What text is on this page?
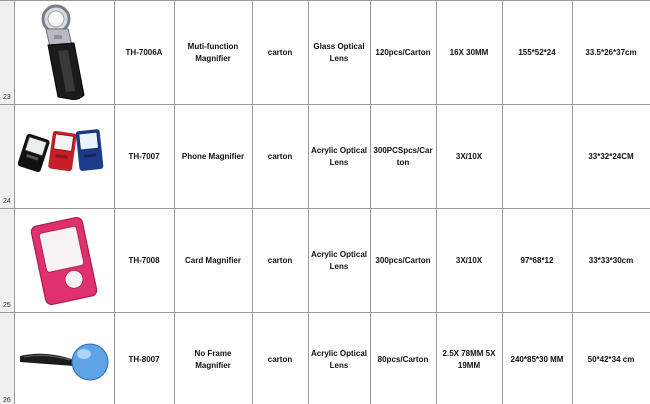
23		TH-7006A	Muti-function Magnifier	carton	Glass Optical Lens	120pcs/Carton	16X 30MM	155*52*24	33.5*26*37cm
24		TH-7007	Phone Magnifier	carton	Acrylic Optical Lens	300PCSpcs/Carton	3X/10X		33*32*24CM
25		TH-7008	Card Magnifier	carton	Acrylic Optical Lens	300pcs/Carton	3X/10X	97*68*12	33*33*30cm
26		TH-8007	No Frame Magnifier	carton	Acrylic Optical Lens	80pcs/Carton	2.5X 78MM 5X 19MM	240*85*30 MM	50*42*34 cm
